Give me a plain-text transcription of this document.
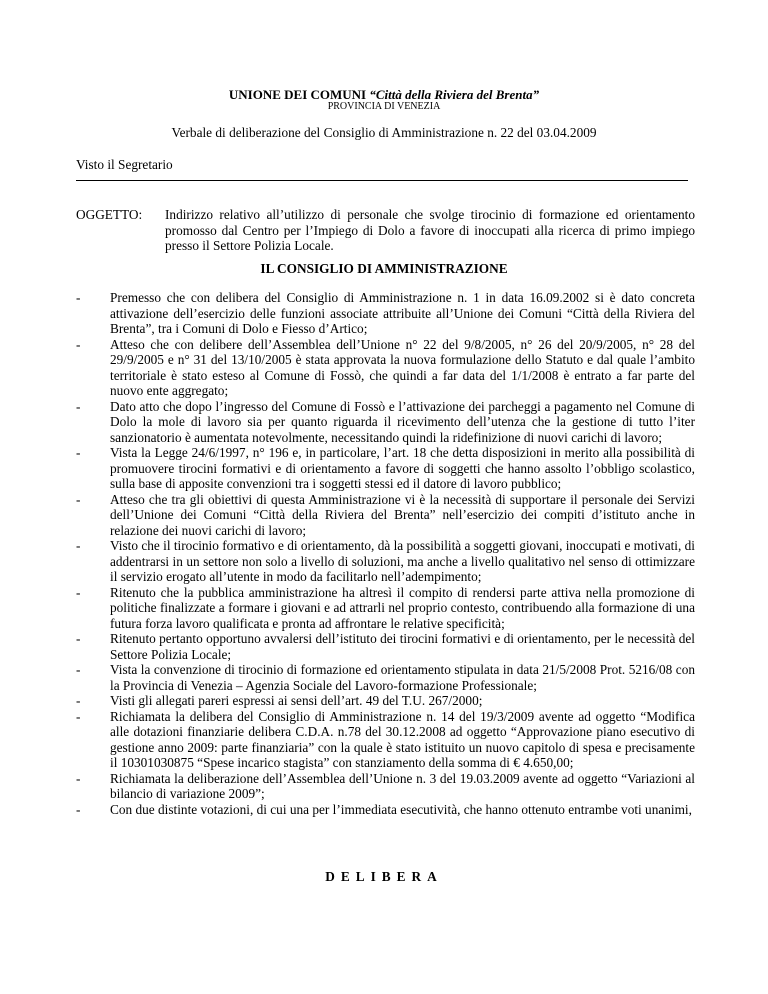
UNIONE DEI COMUNI “Città della Riviera del Brenta”
PROVINCIA DI VENEZIA
Verbale di deliberazione del Consiglio di Amministrazione n. 22 del 03.04.2009
Visto il Segretario
OGGETTO: Indirizzo relativo all’utilizzo di personale che svolge tirocinio di formazione ed orientamento promosso dal Centro per l’Impiego di Dolo a favore di inoccupati alla ricerca di primo impiego presso il Settore Polizia Locale.
IL CONSIGLIO DI AMMINISTRAZIONE
- Premesso che con delibera del Consiglio di Amministrazione n. 1 in data 16.09.2002 si è dato concreta attivazione dell’esercizio delle funzioni associate attribuite all’Unione dei Comuni “Città della Riviera del Brenta”, tra i Comuni di Dolo e Fiesso d’Artico;
- Atteso che con delibere dell’Assemblea dell’Unione n° 22 del 9/8/2005, n° 26 del 20/9/2005, n° 28 del 29/9/2005 e n° 31 del 13/10/2005 è stata approvata la nuova formulazione dello Statuto e dal quale l’ambito territoriale è stato esteso al Comune di Fossò, che quindi a far data del 1/1/2008 è entrato a far parte del nuovo ente aggregato;
- Dato atto che dopo l’ingresso del Comune di Fossò e l’attivazione dei parcheggi a pagamento nel Comune di Dolo la mole di lavoro sia per quanto riguarda il ricevimento dell’utenza che la gestione di tutto l’iter sanzionatorio è aumentata notevolmente, necessitando quindi la ridefinizione di nuovi carichi di lavoro;
- Vista la Legge 24/6/1997, n° 196 e, in particolare, l’art. 18 che detta disposizioni in merito alla possibilità di promuovere tirocini formativi e di orientamento a favore di soggetti che hanno assolto l’obbligo scolastico, sulla base di apposite convenzioni tra i soggetti stessi ed il datore di lavoro pubblico;
- Atteso che tra gli obiettivi di questa Amministrazione vi è la necessità di supportare il personale dei Servizi dell’Unione dei Comuni “Città della Riviera del Brenta” nell’esercizio dei compiti d’istituto anche in relazione dei nuovi carichi di lavoro;
- Visto che il tirocinio formativo e di orientamento, dà la possibilità a soggetti giovani, inoccupati e motivati, di addentrarsi in un settore non solo a livello di soluzioni, ma anche a livello qualitativo nel senso di ottimizzare il servizio erogato all’utente in modo da facilitarlo nell’adempimento;
- Ritenuto che la pubblica amministrazione ha altresì il compito di rendersi parte attiva nella promozione di politiche finalizzate a formare i giovani e ad attrarli nel proprio contesto, contribuendo alla formazione di una futura forza lavoro qualificata e pronta ad affrontare le relative specificità;
- Ritenuto pertanto opportuno avvalersi dell’istituto dei tirocini formativi e di orientamento, per le necessità del Settore Polizia Locale;
- Vista la convenzione di tirocinio di formazione ed orientamento stipulata in data 21/5/2008 Prot. 5216/08 con la Provincia di Venezia – Agenzia Sociale del Lavoro-formazione Professionale;
- Visti gli allegati pareri espressi ai sensi dell’art. 49 del T.U. 267/2000;
- Richiamata la delibera del Consiglio di Amministrazione n. 14 del 19/3/2009 avente ad oggetto “Modifica alle dotazioni finanziarie delibera C.D.A. n.78 del 30.12.2008 ad oggetto “Approvazione piano esecutivo di gestione anno 2009: parte finanziaria” con la quale è stato istituito un nuovo capitolo di spesa e precisamente il 10301030875 “Spese incarico stagista” con stanziamento della somma di € 4.650,00;
- Richiamata la deliberazione dell’Assemblea dell’Unione n. 3 del 19.03.2009 avente ad oggetto “Variazioni al bilancio di variazione 2009”;
- Con due distinte votazioni, di cui una per l’immediata esecutività, che hanno ottenuto entrambe voti unanimi,
DELIBERA
